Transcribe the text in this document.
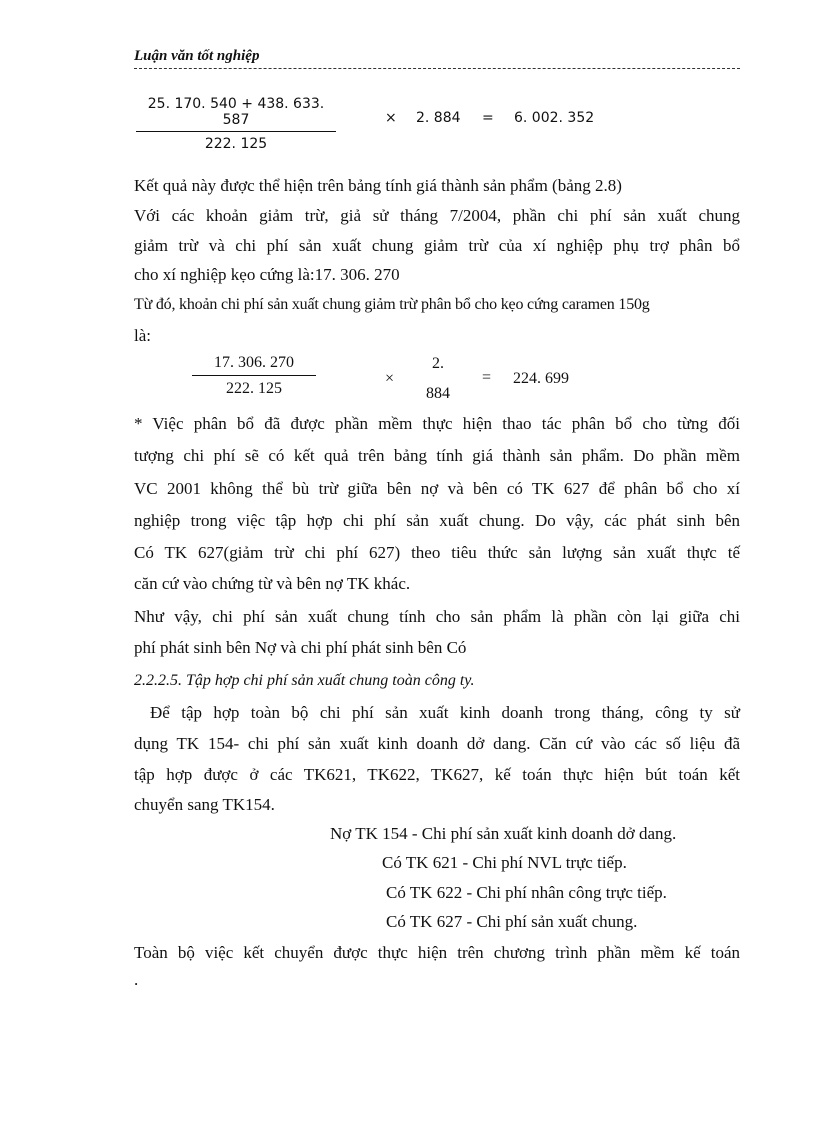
Luận văn tốt nghiệp
25. 170. 540 + 438. 633. 587
222. 125
× 2. 884 = 6. 002. 352
Kết quả này được thể hiện trên bảng tính giá thành sản phẩm (bảng 2.8)
Với các khoản giảm trừ, giả sử tháng 7/2004, phần chi phí sản xuất chung
giảm trừ và chi phí sản xuất chung giảm trừ của xí nghiệp phụ trợ phân bổ
cho xí nghiệp kẹo cứng là:17. 306. 270
Từ đó, khoản chi phí sản xuất chung giảm trừ phân bổ cho kẹo cứng caramen 150g
là:
17. 306. 270
222. 125
×
2.
884
= 224. 699
* Việc phân bổ đã được phần mềm thực hiện thao tác phân bổ cho từng đối
tượng chi phí sẽ có kết quả trên bảng tính giá thành sản phẩm. Do phần mềm
VC 2001 không thể bù trừ giữa bên nợ và bên có TK 627 để phân bổ cho xí
nghiệp trong việc tập hợp chi phí sản xuất chung. Do vậy, các phát sinh bên
Có TK 627(giảm trừ chi phí 627) theo tiêu thức sản lượng sản xuất thực tế
căn cứ vào chứng từ và bên nợ TK khác.
Như vậy, chi phí sản xuất chung tính cho sản phẩm là phần còn lại giữa chi
phí phát sinh bên Nợ và chi phí phát sinh bên Có
2.2.2.5. Tập hợp chi phí sản xuất chung toàn công ty.
Để tập hợp toàn bộ chi phí sản xuất kinh doanh trong tháng, công ty sử
dụng TK 154- chi phí sản xuất kinh doanh dở dang. Căn cứ vào các số liệu đã
tập hợp được ở các TK621, TK622, TK627, kế toán thực hiện bút toán kết
chuyển sang TK154.
Nợ TK 154 - Chi phí sản xuất kinh doanh dở dang.
Có TK 621 - Chi phí NVL trực tiếp.
Có TK 622 - Chi phí nhân công trực tiếp.
Có TK 627 - Chi phí sản xuất chung.
Toàn bộ việc kết chuyển được thực hiện trên chương trình phần mềm kế toán
.
